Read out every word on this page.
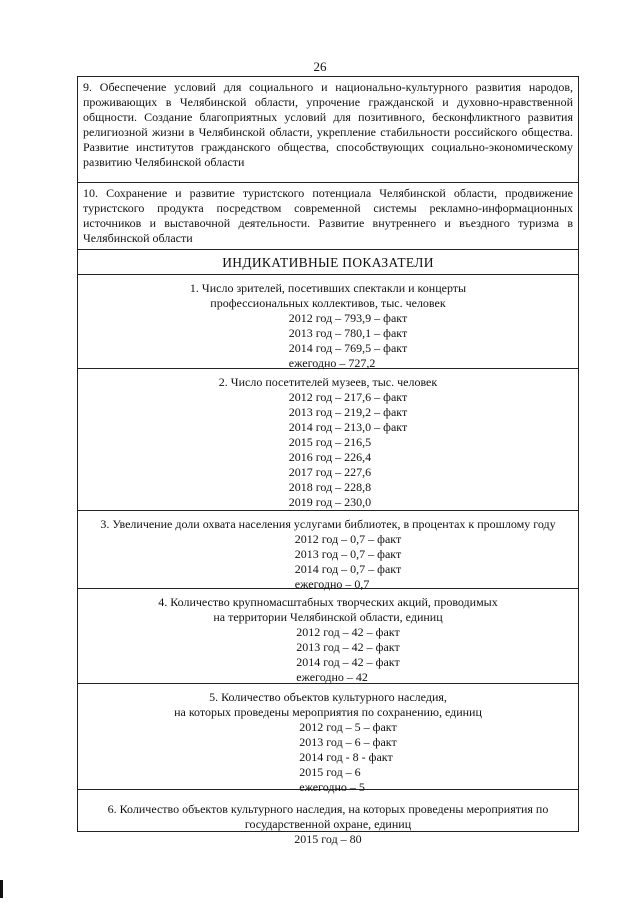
26

9. Обеспечение условий для социального и национально-культурного развития народов, проживающих в Челябинской области, упрочение гражданской и духовно-нравственной общности. Создание благоприятных условий для позитивного, бесконфликтного развития религиозной жизни в Челябинской области, укрепление стабильности российского общества. Развитие институтов гражданского общества, способствующих социально-экономическому развитию Челябинской области

10. Сохранение и развитие туристского потенциала Челябинской области, продвижение туристского продукта посредством современной системы рекламно-информационных источников и выставочной деятельности. Развитие внутреннего и въездного туризма в Челябинской области

ИНДИКАТИВНЫЕ ПОКАЗАТЕЛИ
1. Число зрителей, посетивших спектакли и концерты
профессиональных коллективов, тыс. человек
2012 год – 793,9 – факт
2013 год – 780,1 – факт
2014 год – 769,5 – факт
ежегодно – 727,2
2. Число посетителей музеев, тыс. человек
2012 год – 217,6 – факт
2013 год – 219,2 – факт
2014 год – 213,0 – факт
2015 год – 216,5
2016 год – 226,4
2017 год – 227,6
2018 год – 228,8
2019 год – 230,0
3. Увеличение доли охвата населения услугами библиотек, в процентах к прошлому году
2012 год – 0,7 – факт
2013 год – 0,7 – факт
2014 год – 0,7 – факт
ежегодно – 0,7
4. Количество крупномасштабных творческих акций, проводимых
на территории Челябинской области, единиц
2012 год – 42 – факт
2013 год – 42 – факт
2014 год – 42 – факт
ежегодно – 42
5. Количество объектов культурного наследия,
на которых проведены мероприятия по сохранению, единиц
2012 год – 5 – факт
2013 год – 6 – факт
2014 год - 8 - факт
2015 год – 6
ежегодно – 5
6. Количество объектов культурного наследия, на которых проведены мероприятия по
государственной охране, единиц
2015 год – 80
